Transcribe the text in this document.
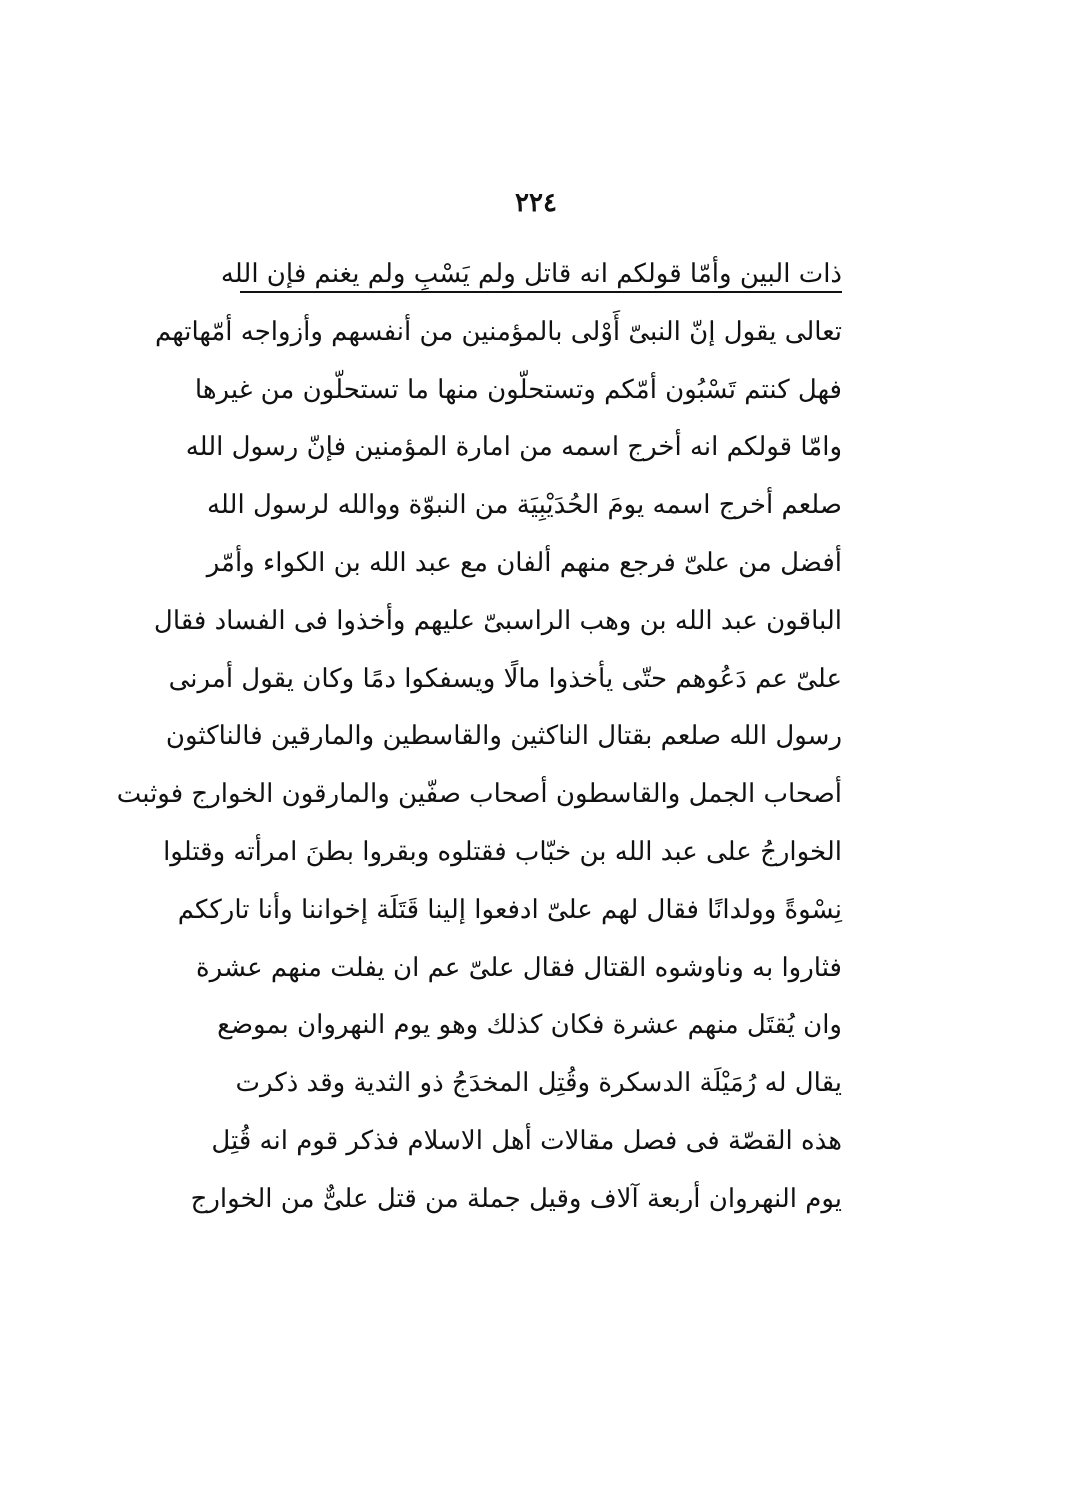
٢٢٤
ذات البين وأمّا قولكم انه قاتل ولم يَسْبِ ولم يغنم فإن الله
تعالى يقول إنّ النبىّ أَوْلى بالمؤمنين من أنفسهم وأزواجه أمّهاتهم
فهل كنتم تَسْبُون أمّكم وتستحلّون منها ما تستحلّون من غيرها
وامّا قولكم انه أخرج اسمه من امارة المؤمنين فإنّ رسول الله
صلعم أخرج اسمه يومَ الحُدَيْبِيَة من النبوّة ووالله لرسول الله
أفضل من علىّ فرجع منهم ألفان مع عبد الله بن الكواء وأمّر
الباقون عبد الله بن وهب الراسبىّ عليهم وأخذوا فى الفساد فقال
علىّ عم دَعُوهم حتّى يأخذوا مالًا ويسفكوا دمًا وكان يقول أمرنى
رسول الله صلعم بقتال الناكثين والقاسطين والمارقين فالناكثون
أصحاب الجمل والقاسطون أصحاب صفّين والمارقون الخوارج فوثبت
الخوارجُ على عبد الله بن خبّاب فقتلوه وبقروا بطنَ امرأته وقتلوا
نِسْوةً وولدانًا فقال لهم علىّ ادفعوا إلينا قَتَلَة إخواننا وأنا تارككم
فثاروا به وناوشوه القتال فقال علىّ عم ان يفلت منهم عشرة
وان يُقتَل منهم عشرة فكان كذلك وهو يوم النهروان بموضع
يقال له رُمَيْلَة الدسكرة وقُتِل المخدَجُ ذو الثدية وقد ذكرت
هذه القصّة فى فصل مقالات أهل الاسلام فذكر قوم انه قُتِل
يوم النهروان أربعة آلاف وقيل جملة من قتل علىٌّ من الخوارج
